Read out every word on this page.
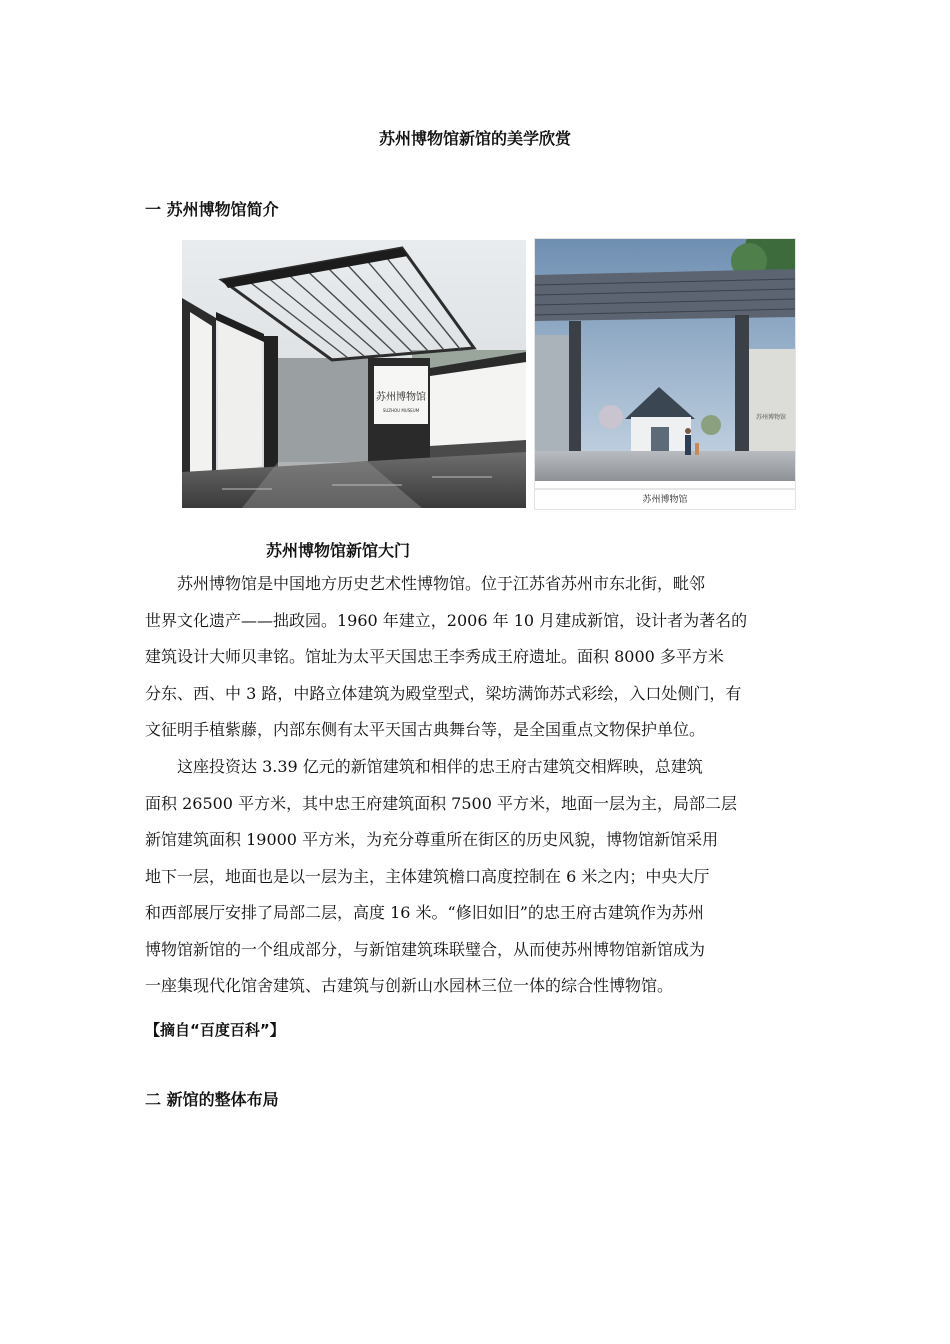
苏州博物馆新馆的美学欣赏
一 苏州博物馆简介
苏州博物馆
SUZHOU MUSEUM
苏州博物馆
苏州博物馆
苏州博物馆新馆大门

苏州博物馆是中国地方历史艺术性博物馆。位于江苏省苏州市东北街，毗邻

世界文化遗产——拙政园。1960 年建立，2006 年 10 月建成新馆，设计者为著名的
建筑设计大师贝聿铭。馆址为太平天国忠王李秀成王府遗址。面积 8000 多平方米
分东、西、中 3 路，中路立体建筑为殿堂型式，梁坊满饰苏式彩绘，入口处侧门，有
文征明手植紫藤，内部东侧有太平天国古典舞台等，是全国重点文物保护单位。

这座投资达 3.39 亿元的新馆建筑和相伴的忠王府古建筑交相辉映，总建筑

面积 26500 平方米，其中忠王府建筑面积 7500 平方米，地面一层为主，局部二层
新馆建筑面积 19000 平方米，为充分尊重所在街区的历史风貌，博物馆新馆采用
地下一层，地面也是以一层为主，主体建筑檐口高度控制在 6 米之内；中央大厅
和西部展厅安排了局部二层，高度 16 米。“修旧如旧”的忠王府古建筑作为苏州
博物馆新馆的一个组成部分，与新馆建筑珠联璧合，从而使苏州博物馆新馆成为
一座集现代化馆舍建筑、古建筑与创新山水园林三位一体的综合性博物馆。
【摘自“百度百科”】
二 新馆的整体布局
